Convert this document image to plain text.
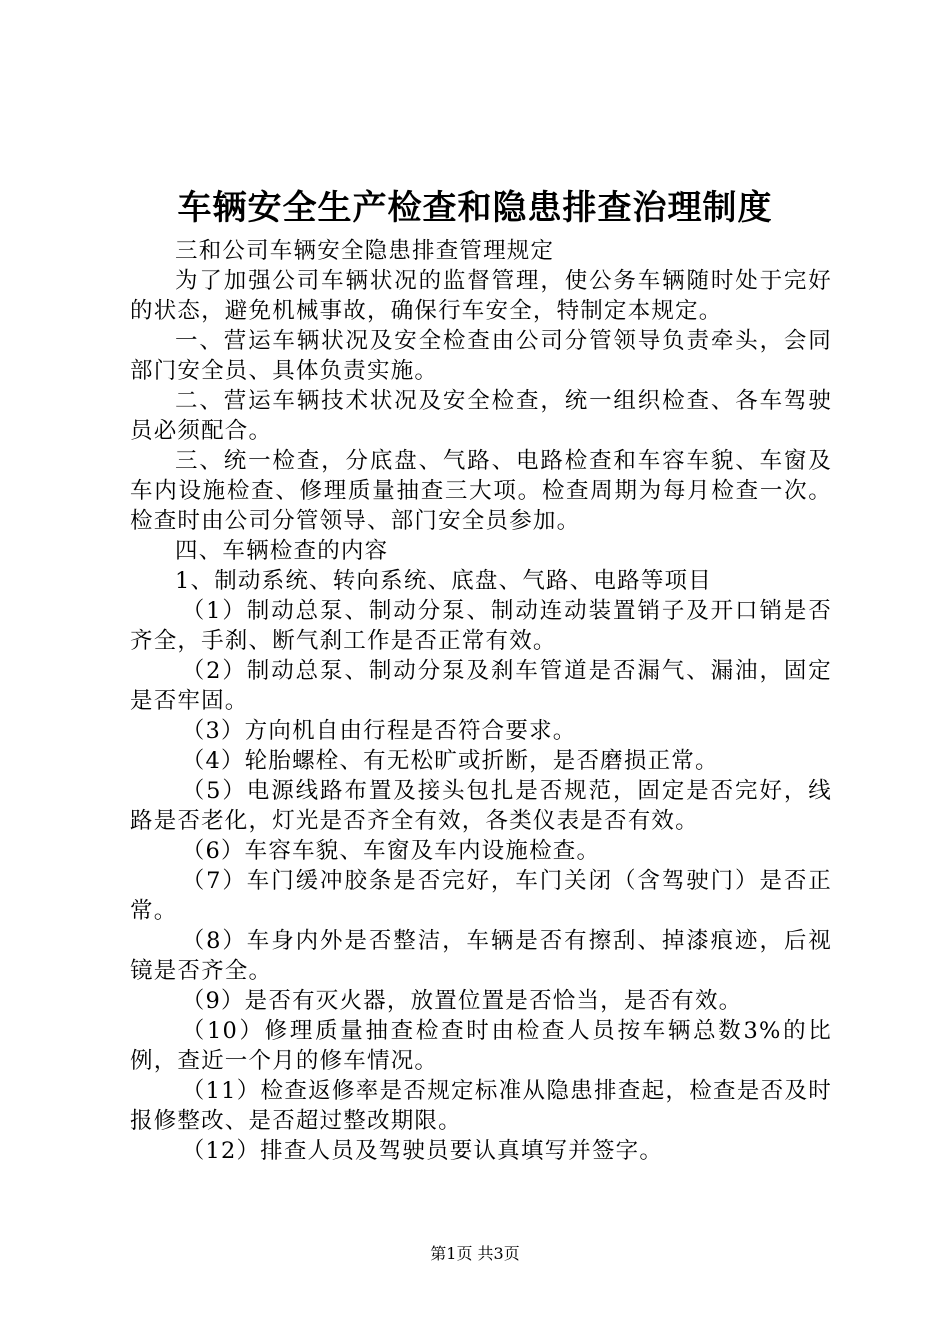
车辆安全生产检查和隐患排查治理制度

三和公司车辆安全隐患排查管理规定

为了加强公司车辆状况的监督管理，使公务车辆随时处于完好的状态，避免机械事故，确保行车安全，特制定本规定。

一、营运车辆状况及安全检查由公司分管领导负责牵头，会同部门安全员、具体负责实施。

二、营运车辆技术状况及安全检查，统一组织检查、各车驾驶员必须配合。

三、统一检查，分底盘、气路、电路检查和车容车貌、车窗及车内设施检查、修理质量抽查三大项。检查周期为每月检查一次。检查时由公司分管领导、部门安全员参加。

四、车辆检查的内容

1、制动系统、转向系统、底盘、气路、电路等项目

（1）制动总泵、制动分泵、制动连动装置销子及开口销是否齐全，手刹、断气刹工作是否正常有效。

（2）制动总泵、制动分泵及刹车管道是否漏气、漏油，固定是否牢固。

（3）方向机自由行程是否符合要求。

（4）轮胎螺栓、有无松旷或折断，是否磨损正常。

（5）电源线路布置及接头包扎是否规范，固定是否完好，线路是否老化，灯光是否齐全有效，各类仪表是否有效。

（6）车容车貌、车窗及车内设施检查。

（7）车门缓冲胶条是否完好，车门关闭（含驾驶门）是否正常。

（8）车身内外是否整洁，车辆是否有擦刮、掉漆痕迹，后视镜是否齐全。

（9）是否有灭火器，放置位置是否恰当，是否有效。

（10）修理质量抽查检查时由检查人员按车辆总数3%的比例，查近一个月的修车情况。

（11）检查返修率是否规定标准从隐患排查起，检查是否及时报修整改、是否超过整改期限。

（12）排查人员及驾驶员要认真填写并签字。

第1页 共3页
